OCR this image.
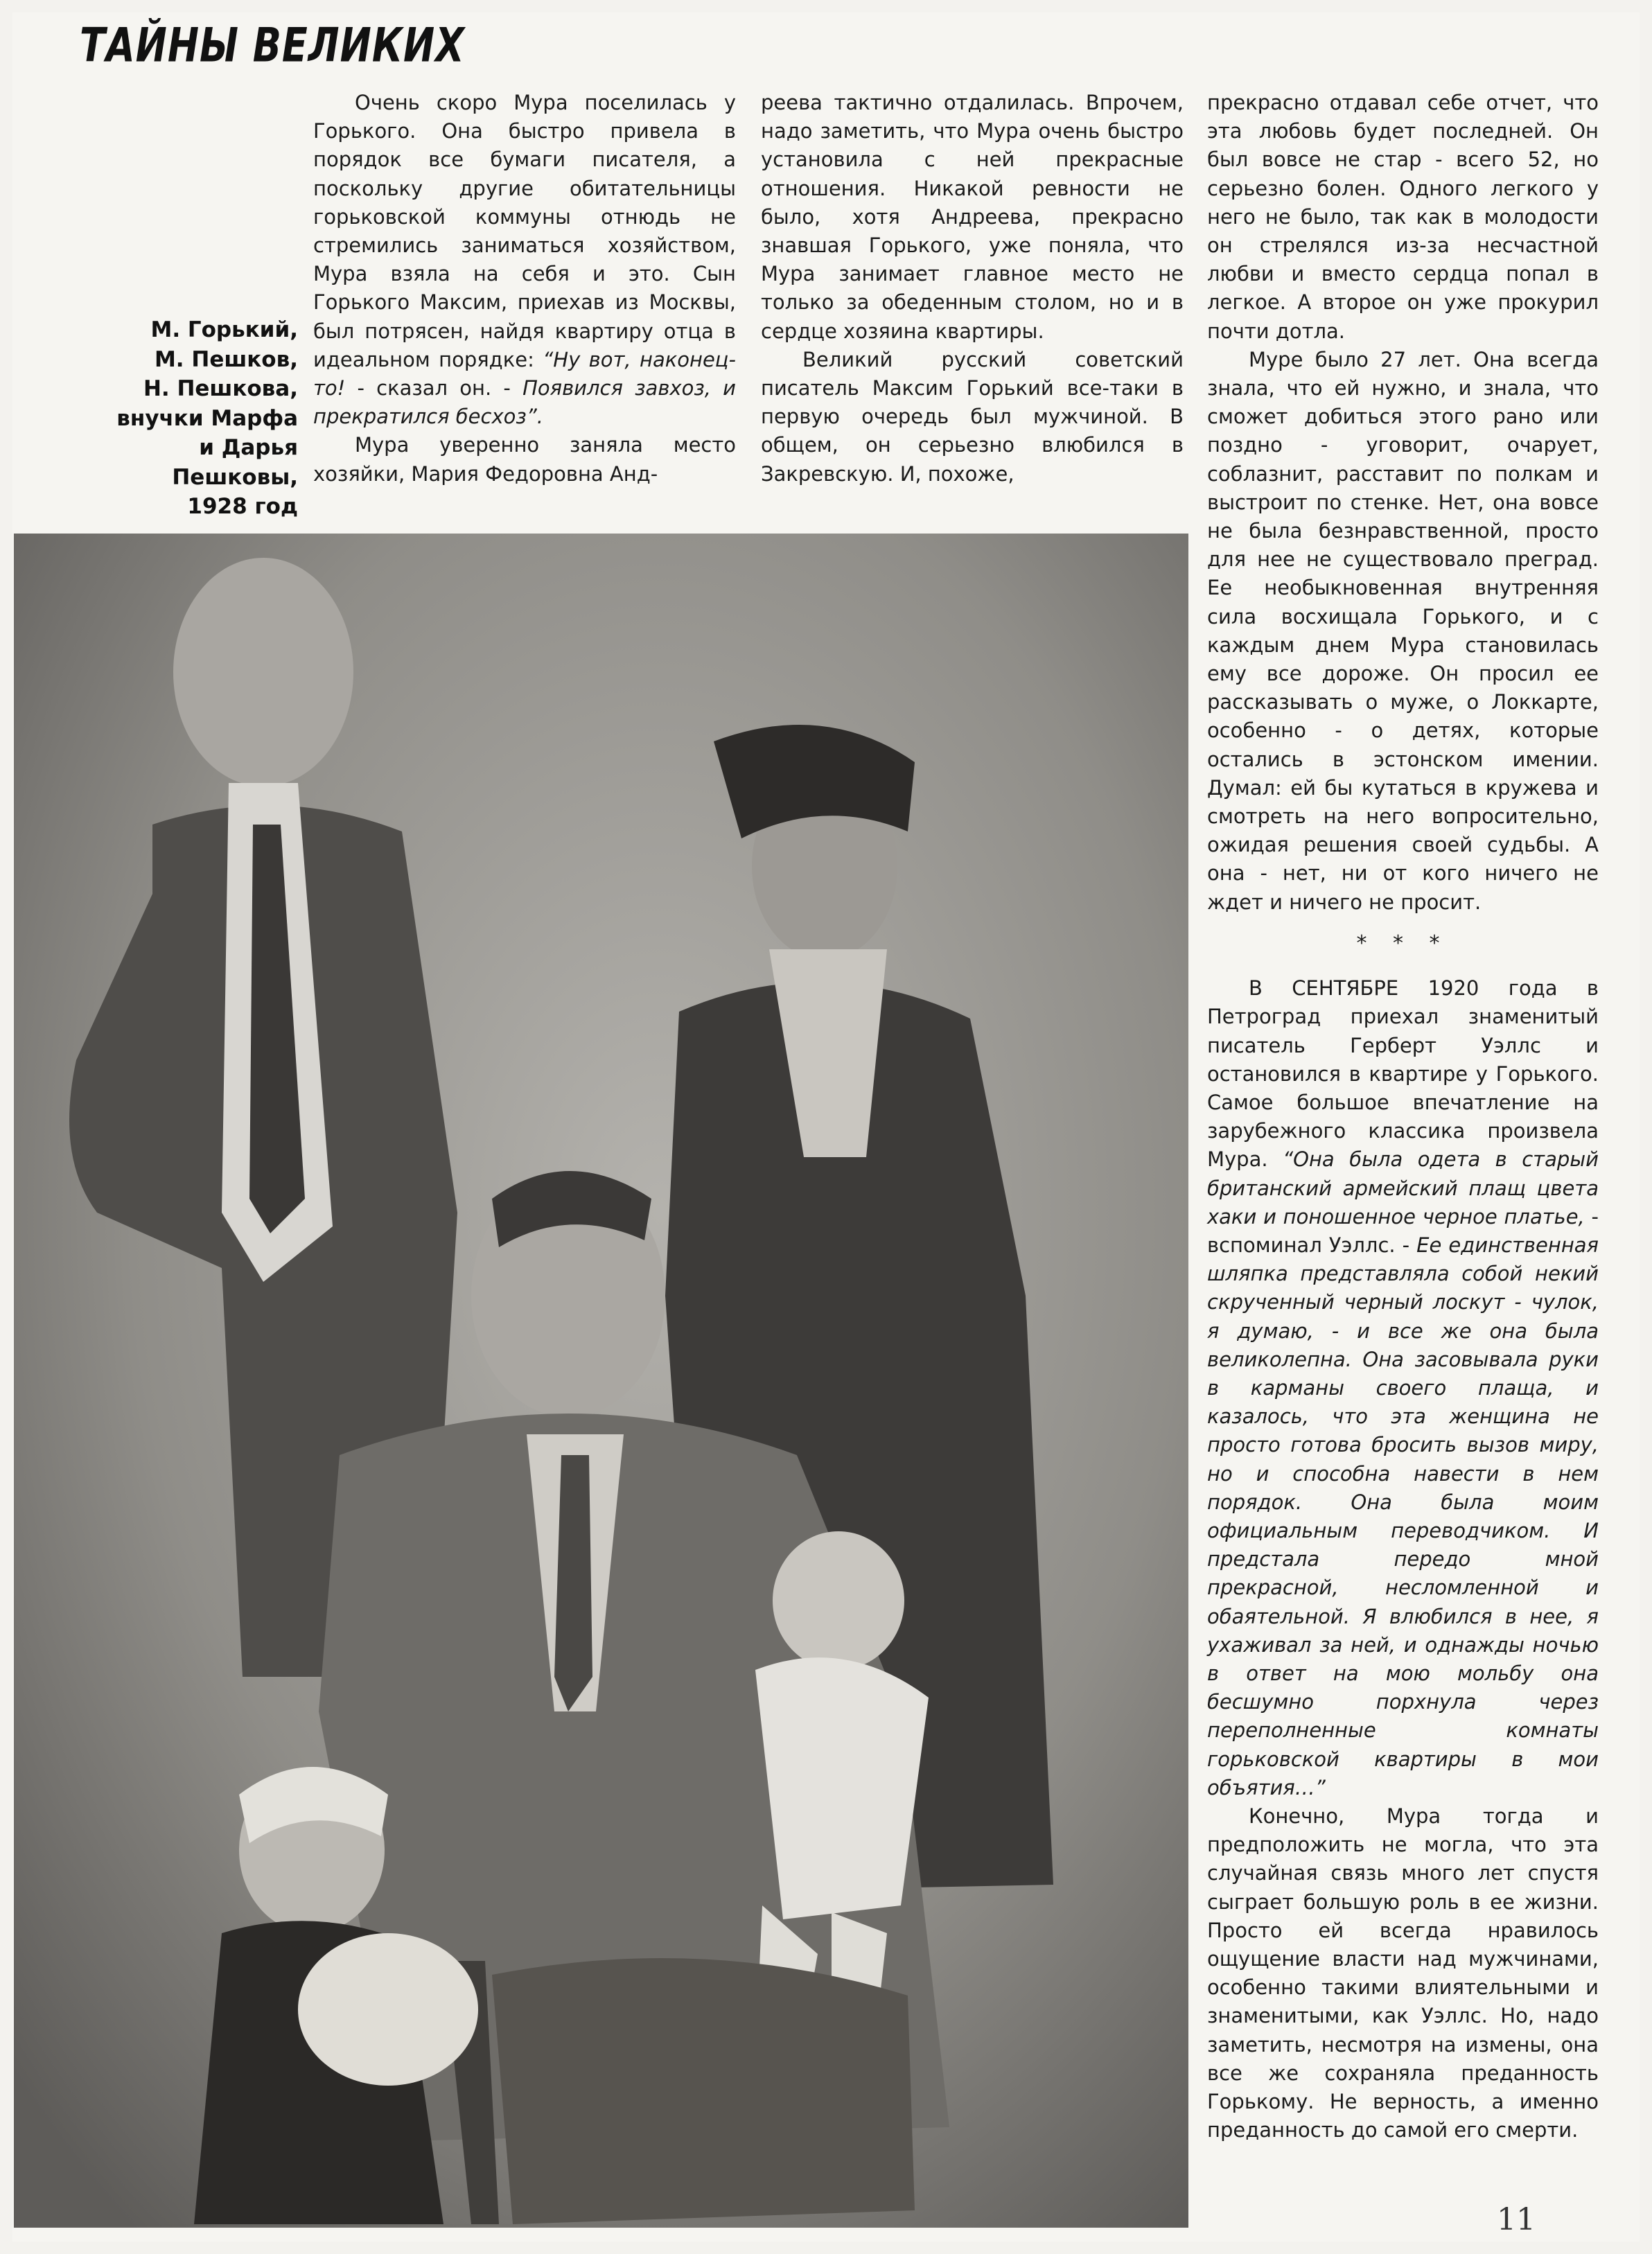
ТАЙНЫ ВЕЛИКИХ
М. Горький,
М. Пешков,
Н. Пешкова,
внучки Марфа
и Дарья
Пешковы,
1928 год

Очень скоро Мура поселилась у Горького. Она быстро привела в порядок все бумаги писателя, а поскольку другие обитательницы горьковской коммуны отнюдь не стремились заниматься хозяйством, Мура взяла на себя и это. Сын Горького Максим, приехав из Москвы, был потрясен, найдя квартиру отца в идеальном порядке: “Ну вот, наконец-то! - сказал он. - Появился завхоз, и прекратился бесхоз”.

Мура уверенно заняла место хозяйки, Мария Федоровна Анд-

реева тактично отдалилась. Впрочем, надо заметить, что Мура очень быстро установила с ней прекрасные отношения. Никакой ревности не было, хотя Андреева, прекрасно знавшая Горького, уже поняла, что Мура занимает главное место не только за обеденным столом, но и в сердце хозяина квартиры.

Великий русский советский писатель Максим Горький все-таки в первую очередь был мужчиной. В общем, он серьезно влюбился в Закревскую. И, похоже,

прекрасно отдавал себе отчет, что эта любовь будет последней. Он был вовсе не стар - всего 52, но серьезно болен. Одного легкого у него не было, так как в молодости он стрелялся из-за несчастной любви и вместо сердца попал в легкое. А второе он уже прокурил почти дотла.

Муре было 27 лет. Она всегда знала, что ей нужно, и знала, что сможет добиться этого рано или поздно - уговорит, очарует, соблазнит, расставит по полкам и выстроит по стенке. Нет, она вовсе не была безнравственной, просто для нее не существовало преград. Ее необыкновенная внутренняя сила восхищала Горького, и с каждым днем Мура становилась ему все дороже. Он просил ее рассказывать о муже, о Локкарте, особенно - о детях, которые остались в эстонском имении. Думал: ей бы кутаться в кружева и смотреть на него вопросительно, ожидая решения своей судьбы. А она - нет, ни от кого ничего не ждет и ничего не просит.

* * *

В СЕНТЯБРЕ 1920 года в Петроград приехал знаменитый писатель Герберт Уэллс и остановился в квартире у Горького. Самое большое впечатление на зарубежного классика произвела Мура. “Она была одета в старый британский армейский плащ цвета хаки и поношенное черное платье, - вспоминал Уэллс. - Ее единственная шляпка представляла собой некий скрученный черный лоскут - чулок, я думаю, - и все же она была великолепна. Она засовывала руки в карманы своего плаща, и казалось, что эта женщина не просто готова бросить вызов миру, но и способна навести в нем порядок. Она была моим официальным переводчиком. И предстала передо мной прекрасной, несломленной и обаятельной. Я влюбился в нее, я ухаживал за ней, и однажды ночью в ответ на мою мольбу она бесшумно порхнула через переполненные комнаты горьковской квартиры в мои объятия…”

Конечно, Мура тогда и предположить не могла, что эта случайная связь много лет спустя сыграет большую роль в ее жизни. Просто ей всегда нравилось ощущение власти над мужчинами, особенно такими влиятельными и знаменитыми, как Уэллс. Но, надо заметить, несмотря на измены, она все же сохраняла преданность Горькому. Не верность, а именно преданность до самой его смерти.

11
